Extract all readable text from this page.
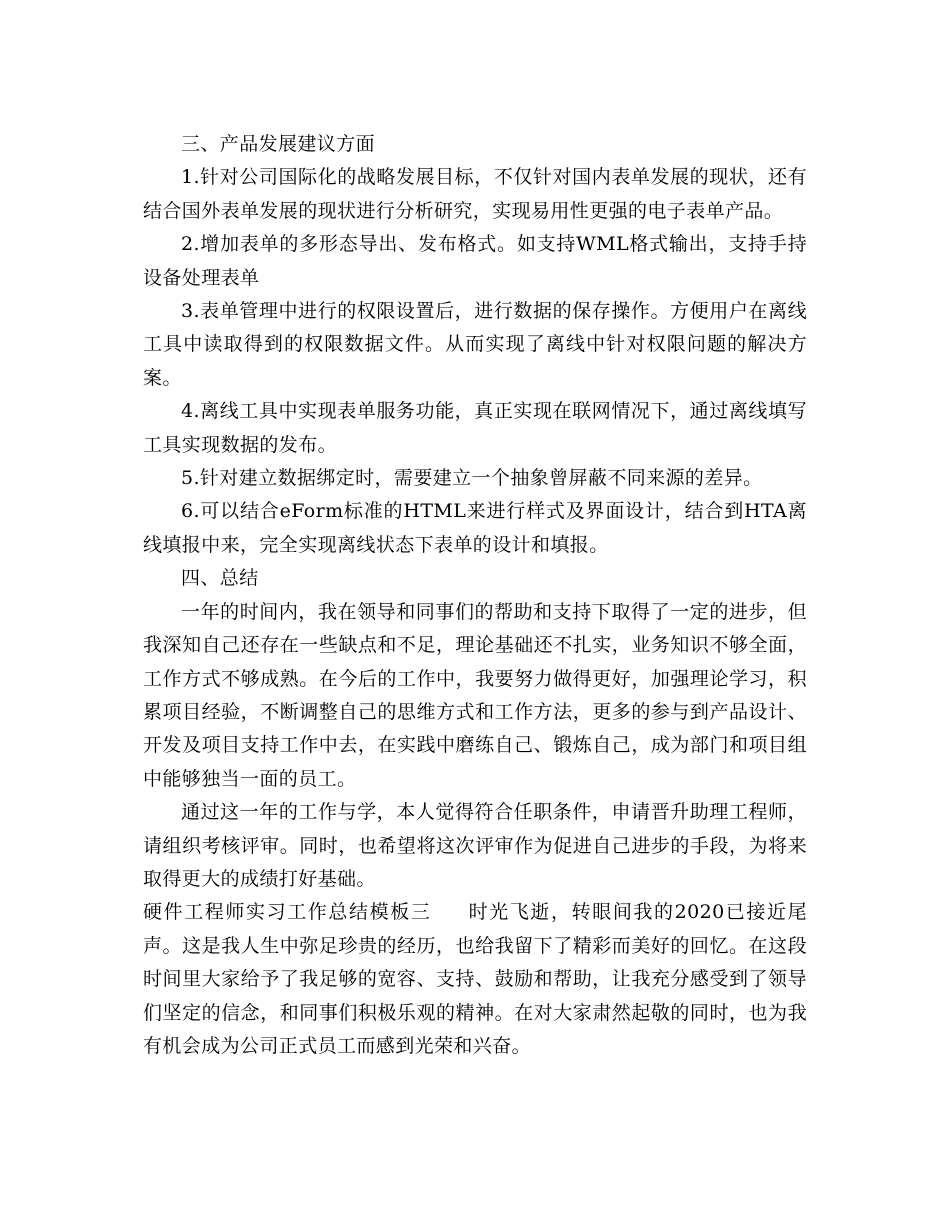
三、产品发展建议方面

1.针对公司国际化的战略发展目标，不仅针对国内表单发展的现状，还有结合国外表单发展的现状进行分析研究，实现易用性更强的电子表单产品。

2.增加表单的多形态导出、发布格式。如支持WML格式输出，支持手持设备处理表单

3.表单管理中进行的权限设置后，进行数据的保存操作。方便用户在离线工具中读取得到的权限数据文件。从而实现了离线中针对权限问题的解决方案。

4.离线工具中实现表单服务功能，真正实现在联网情况下，通过离线填写工具实现数据的发布。

5.针对建立数据绑定时，需要建立一个抽象曾屏蔽不同来源的差异。

6.可以结合eForm标准的HTML来进行样式及界面设计，结合到HTA离线填报中来，完全实现离线状态下表单的设计和填报。

四、总结

一年的时间内，我在领导和同事们的帮助和支持下取得了一定的进步，但我深知自己还存在一些缺点和不足，理论基础还不扎实，业务知识不够全面，工作方式不够成熟。在今后的工作中，我要努力做得更好，加强理论学习，积累项目经验，不断调整自己的思维方式和工作方法，更多的参与到产品设计、开发及项目支持工作中去，在实践中磨练自己、锻炼自己，成为部门和项目组中能够独当一面的员工。

通过这一年的工作与学，本人觉得符合任职条件，申请晋升助理工程师，请组织考核评审。同时，也希望将这次评审作为促进自己进步的手段，为将来取得更大的成绩打好基础。

硬件工程师实习工作总结模板三 时光飞逝，转眼间我的2020已接近尾声。这是我人生中弥足珍贵的经历，也给我留下了精彩而美好的回忆。在这段时间里大家给予了我足够的宽容、支持、鼓励和帮助，让我充分感受到了领导们坚定的信念，和同事们积极乐观的精神。在对大家肃然起敬的同时，也为我有机会成为公司正式员工而感到光荣和兴奋。
